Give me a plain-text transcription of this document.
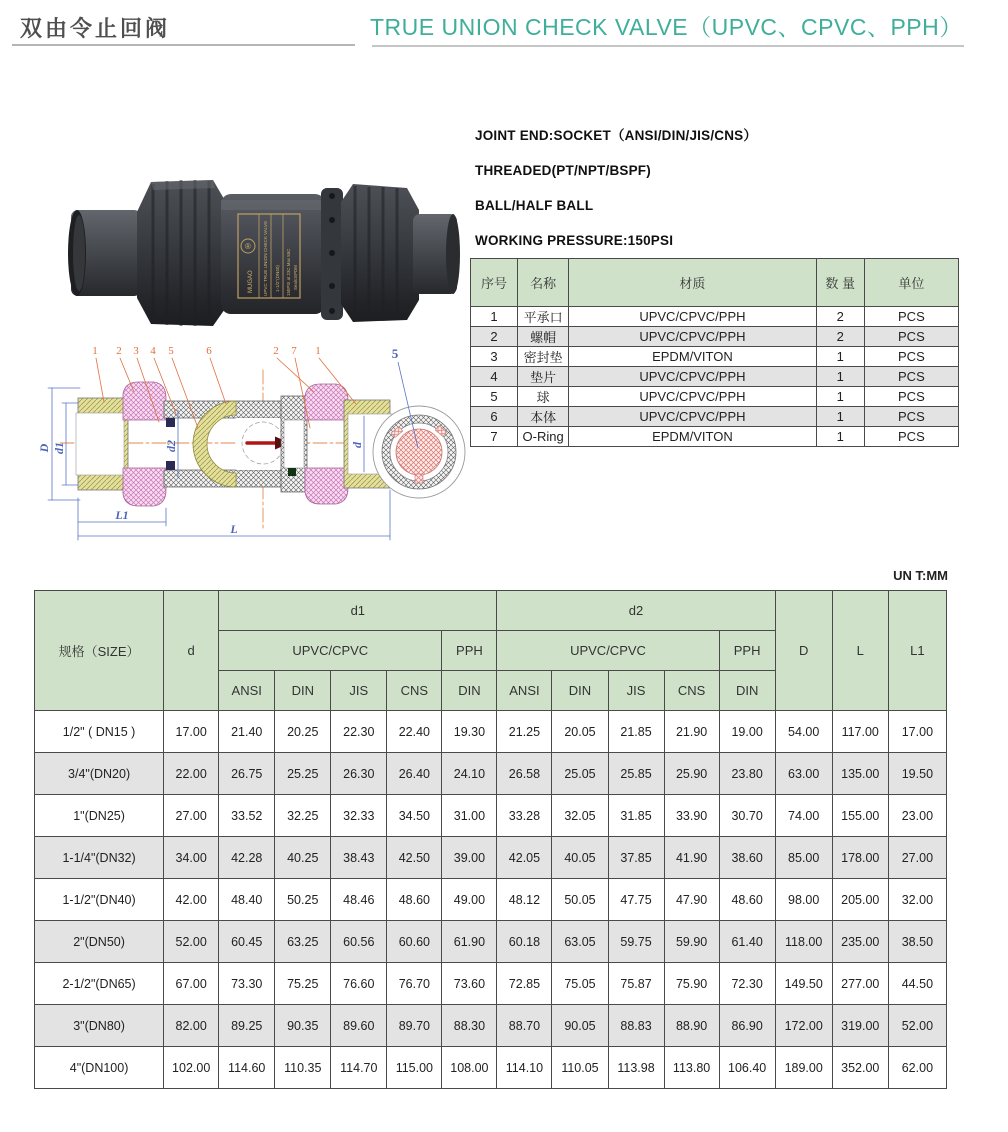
双由令止回阀	TRUE UNION CHECK VALVE（UPVC、CPVC、PPH）
®
MUGAO UPVC TRUE UNION CHECK VALVE 1-1/2"(DN40) 150PSI at 23C Max 55C Seals:EPDM
JOINT END:SOCKET（ANSI/DIN/JIS/CNS）
THREADED(PT/NPT/BSPF)
BALL/HALF BALL
WORKING PRESSURE:150PSI
序号	名称	材质	数 量	单位
1	平承口	UPVC/CPVC/PPH	2	PCS
2	螺帽	UPVC/CPVC/PPH	2	PCS
3	密封垫	EPDM/VITON	1	PCS
4	垫片	UPVC/CPVC/PPH	1	PCS
5	球	UPVC/CPVC/PPH	1	PCS
6	本体	UPVC/CPVC/PPH	1	PCS
7	O-Ring	EPDM/VITON	1	PCS
D d1	d2	d
L1
L
1 2 3 4 5	6	2 7 1	5
UN T:MM
规格（SIZE）	d	d1					d2					D	L	L1
		UPVC/CPVC				PPH	UPVC/CPVC				PPH			
		ANSI	DIN	JIS	CNS	DIN	ANSI	DIN	JIS	CNS	DIN			
1/2" ( DN15 )	17.00	21.40	20.25	22.30	22.40	19.30	21.25	20.05	21.85	21.90	19.00	54.00	117.00	17.00
3/4"(DN20)	22.00	26.75	25.25	26.30	26.40	24.10	26.58	25.05	25.85	25.90	23.80	63.00	135.00	19.50
1"(DN25)	27.00	33.52	32.25	32.33	34.50	31.00	33.28	32.05	31.85	33.90	30.70	74.00	155.00	23.00
1-1/4"(DN32)	34.00	42.28	40.25	38.43	42.50	39.00	42.05	40.05	37.85	41.90	38.60	85.00	178.00	27.00
1-1/2"(DN40)	42.00	48.40	50.25	48.46	48.60	49.00	48.12	50.05	47.75	47.90	48.60	98.00	205.00	32.00
2"(DN50)	52.00	60.45	63.25	60.56	60.60	61.90	60.18	63.05	59.75	59.90	61.40	118.00	235.00	38.50
2-1/2"(DN65)	67.00	73.30	75.25	76.60	76.70	73.60	72.85	75.05	75.87	75.90	72.30	149.50	277.00	44.50
3"(DN80)	82.00	89.25	90.35	89.60	89.70	88.30	88.70	90.05	88.83	88.90	86.90	172.00	319.00	52.00
4"(DN100)	102.00	114.60	110.35	114.70	115.00	108.00	114.10	110.05	113.98	113.80	106.40	189.00	352.00	62.00
